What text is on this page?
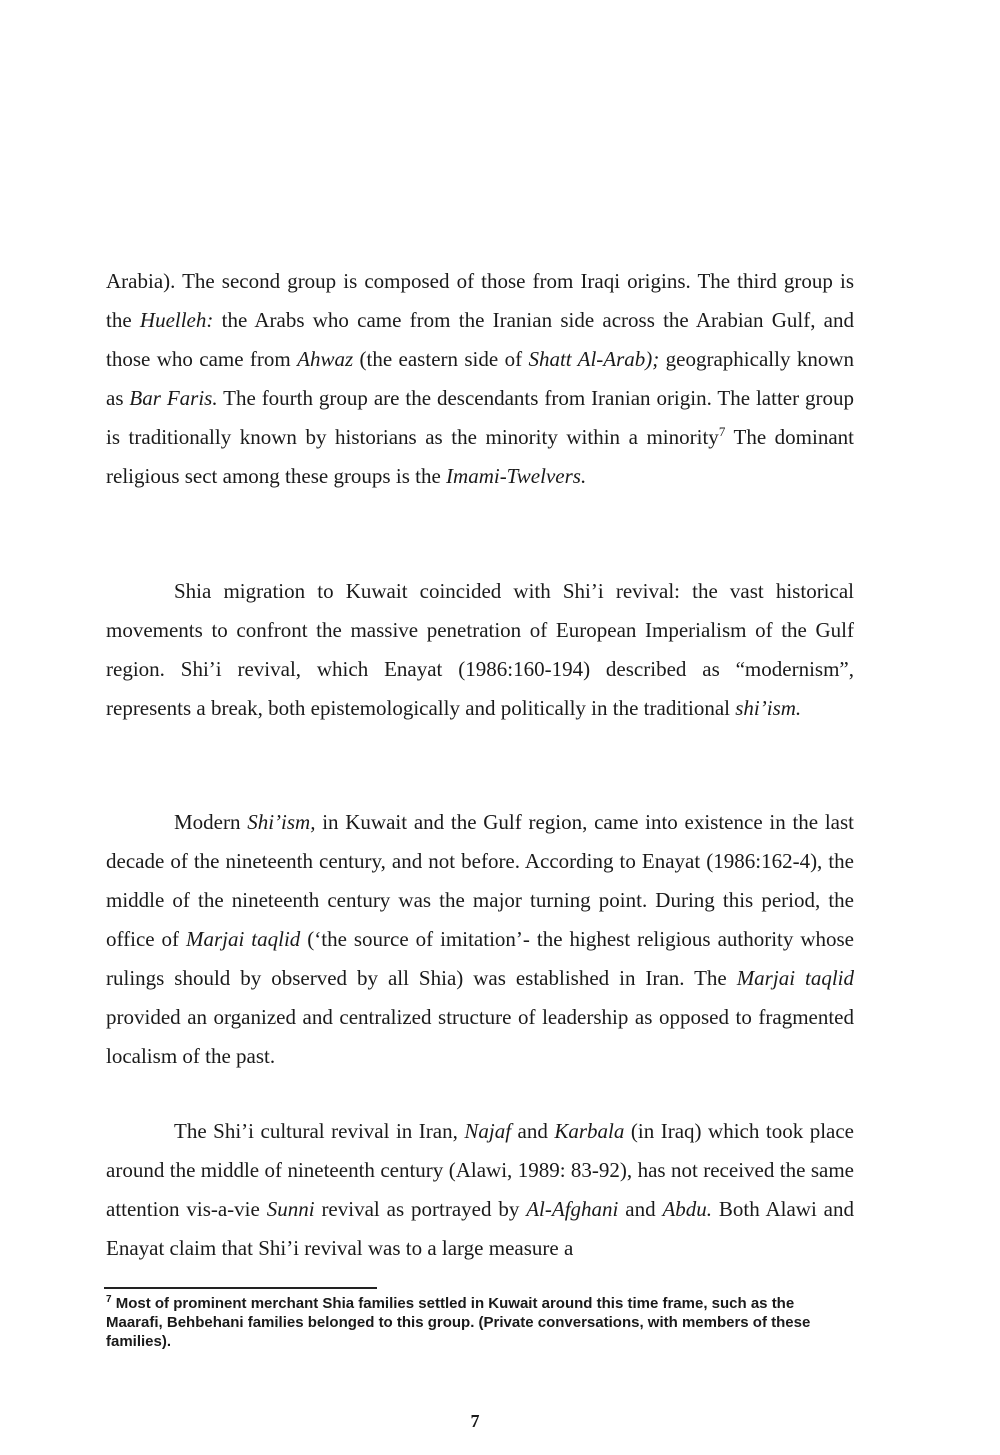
Arabia). The second group is composed of those from Iraqi origins. The third group is the Huelleh: the Arabs who came from the Iranian side across the Arabian Gulf, and those who came from Ahwaz (the eastern side of Shatt Al-Arab); geographically known as Bar Faris. The fourth group are the descendants from Iranian origin. The latter group is traditionally known by historians as the minority within a minority$^7$ The dominant religious sect among these groups is the Imami-Twelvers.

Shia migration to Kuwait coincided with Shi’i revival: the vast historical movements to confront the massive penetration of European Imperialism of the Gulf region. Shi’i revival, which Enayat (1986:160-194) described as “modernism”, represents a break, both epistemologically and politically in the traditional shi’ism.

Modern Shi’ism, in Kuwait and the Gulf region, came into existence in the last decade of the nineteenth century, and not before. According to Enayat (1986:162-4), the middle of the nineteenth century was the major turning point. During this period, the office of Marjai taqlid (‘the source of imitation’- the highest religious authority whose rulings should by observed by all Shia) was established in Iran. The Marjai taqlid provided an organized and centralized structure of leadership as opposed to fragmented localism of the past.

The Shi’i cultural revival in Iran, Najaf and Karbala (in Iraq) which took place around the middle of nineteenth century (Alawi, 1989: 83-92), has not received the same attention vis-a-vie Sunni revival as portrayed by Al-Afghani and Abdu. Both Alawi and Enayat claim that Shi’i revival was to a large measure a

$^7$ Most of prominent merchant Shia families settled in Kuwait around this time frame, such as the Maarafi, Behbehani families belonged to this group. (Private conversations, with members of these families).

7
